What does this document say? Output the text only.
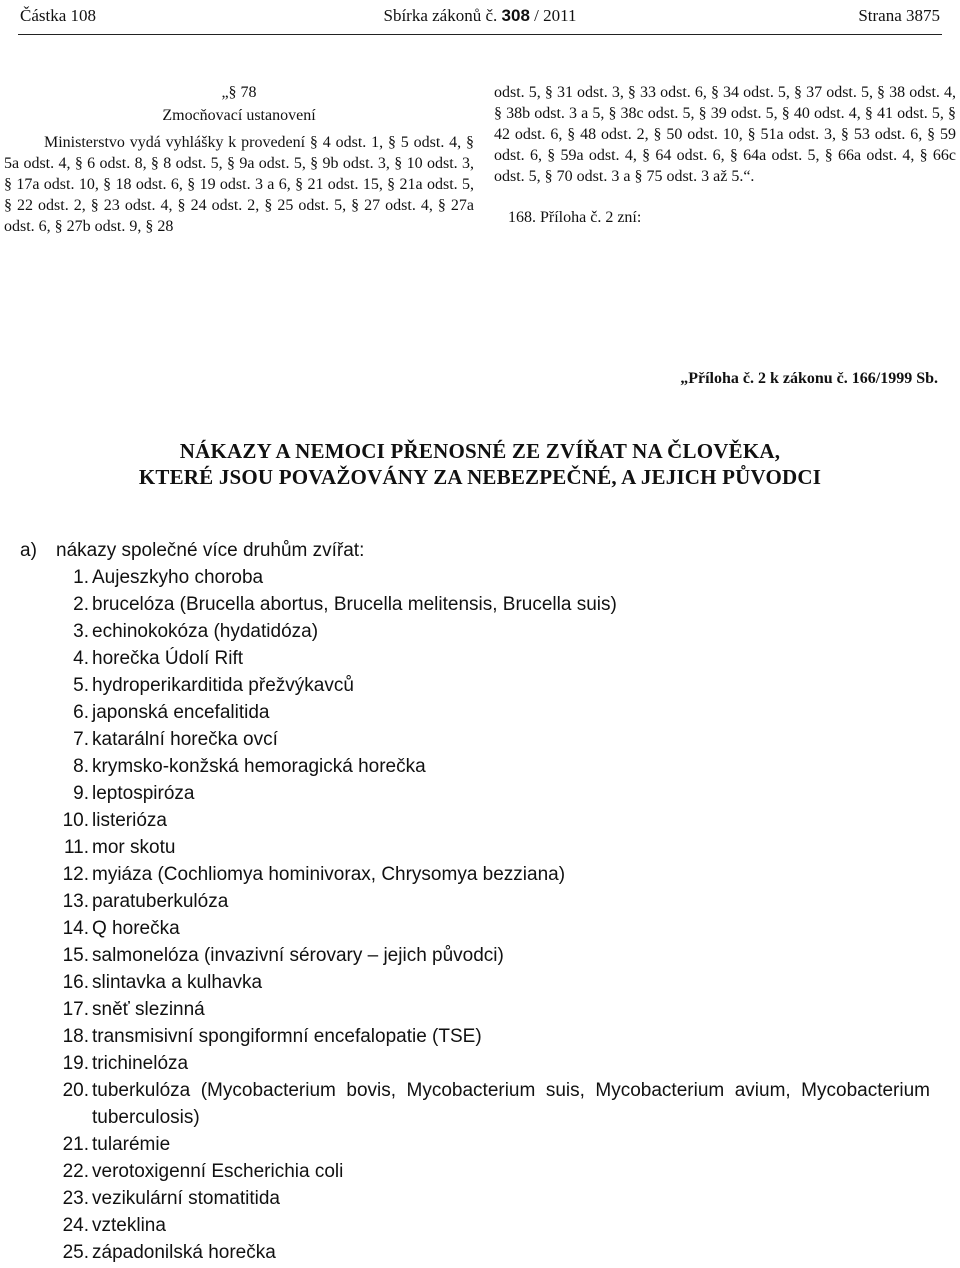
Částka 108	Sbírka zákonů č. 308 / 2011	Strana 3875
„§ 78
Zmocňovací ustanovení
Ministerstvo vydá vyhlášky k provedení § 4 odst. 1, § 5 odst. 4, § 5a odst. 4, § 6 odst. 8, § 8 odst. 5, § 9a odst. 5, § 9b odst. 3, § 10 odst. 3, § 17a odst. 10, § 18 odst. 6, § 19 odst. 3 a 6, § 21 odst. 15, § 21a odst. 5, § 22 odst. 2, § 23 odst. 4, § 24 odst. 2, § 25 odst. 5, § 27 odst. 4, § 27a odst. 6, § 27b odst. 9, § 28
odst. 5, § 31 odst. 3, § 33 odst. 6, § 34 odst. 5, § 37 odst. 5, § 38 odst. 4, § 38b odst. 3 a 5, § 38c odst. 5, § 39 odst. 5, § 40 odst. 4, § 41 odst. 5, § 42 odst. 6, § 48 odst. 2, § 50 odst. 10, § 51a odst. 3, § 53 odst. 6, § 59 odst. 6, § 59a odst. 4, § 64 odst. 6, § 64a odst. 5, § 66a odst. 4, § 66c odst. 5, § 70 odst. 3 a § 75 odst. 3 až 5.“.
168. Příloha č. 2 zní:
„Příloha č. 2 k zákonu č. 166/1999 Sb.
NÁKAZY A NEMOCI PŘENOSNÉ ZE ZVÍŘAT NA ČLOVĚKA,
KTERÉ JSOU POVAŽOVÁNY ZA NEBEZPEČNÉ, A JEJICH PŮVODCI
a)	nákazy společné více druhům zvířat:
1. Aujeszkyho choroba
2. brucelóza (Brucella abortus, Brucella melitensis, Brucella suis)
3. echinokokóza (hydatidóza)
4. horečka Údolí Rift
5. hydroperikarditida přežvýkavců
6. japonská encefalitida
7. katarální horečka ovcí
8. krymsko-konžská hemoragická horečka
9. leptospiróza
10. listerióza
11. mor skotu
12. myiáza (Cochliomya hominivorax, Chrysomya bezziana)
13. paratuberkulóza
14. Q horečka
15. salmonelóza (invazivní sérovary – jejich původci)
16. slintavka a kulhavka
17. sněť slezinná
18. transmisivní spongiformní encefalopatie (TSE)
19. trichinelóza
20. tuberkulóza (Mycobacterium bovis, Mycobacterium suis, Mycobacterium avium, Mycobacterium tuberculosis)
21. tularémie
22. verotoxigenní Escherichia coli
23. vezikulární stomatitida
24. vzteklina
25. západonilská horečka
